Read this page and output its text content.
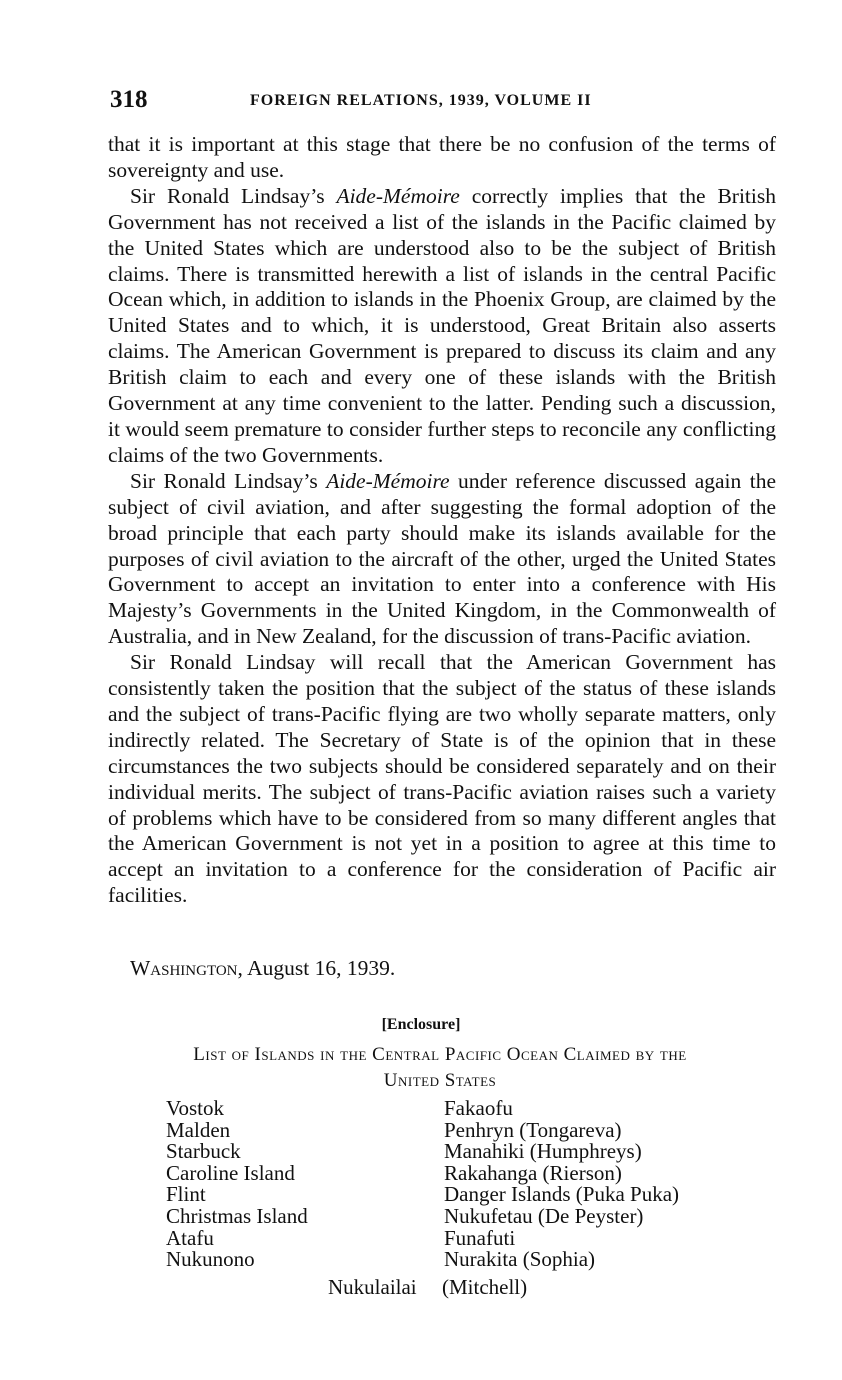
318	FOREIGN RELATIONS, 1939, VOLUME II

that it is important at this stage that there be no confusion of the terms of sovereignty and use.

Sir Ronald Lindsay’s Aide-Mémoire correctly implies that the British Government has not received a list of the islands in the Pacific claimed by the United States which are understood also to be the subject of British claims. There is transmitted herewith a list of islands in the central Pacific Ocean which, in addition to islands in the Phoenix Group, are claimed by the United States and to which, it is understood, Great Britain also asserts claims. The American Government is prepared to discuss its claim and any British claim to each and every one of these islands with the British Government at any time convenient to the latter. Pending such a discussion, it would seem premature to consider further steps to reconcile any conflicting claims of the two Governments.

Sir Ronald Lindsay’s Aide-Mémoire under reference discussed again the subject of civil aviation, and after suggesting the formal adoption of the broad principle that each party should make its islands available for the purposes of civil aviation to the aircraft of the other, urged the United States Government to accept an invitation to enter into a conference with His Majesty’s Governments in the United Kingdom, in the Commonwealth of Australia, and in New Zealand, for the discussion of trans-Pacific aviation.

Sir Ronald Lindsay will recall that the American Government has consistently taken the position that the subject of the status of these islands and the subject of trans-Pacific flying are two wholly separate matters, only indirectly related. The Secretary of State is of the opinion that in these circumstances the two subjects should be considered separately and on their individual merits. The subject of trans-Pacific aviation raises such a variety of problems which have to be considered from so many different angles that the American Government is not yet in a position to agree at this time to accept an invitation to a conference for the consideration of Pacific air facilities.

Washington, August 16, 1939.
[Enclosure]
List of Islands in the Central Pacific Ocean Claimed by the
United States
Vostok
Malden
Starbuck
Caroline Island
Flint
Christmas Island
Atafu
Nukunono
Fakaofu
Penhryn (Tongareva)
Manahiki (Humphreys)
Rakahanga (Rierson)
Danger Islands (Puka Puka)
Nukufetau (De Peyster)
Funafuti
Nurakita (Sophia)
Nukulailai (Mitchell)
